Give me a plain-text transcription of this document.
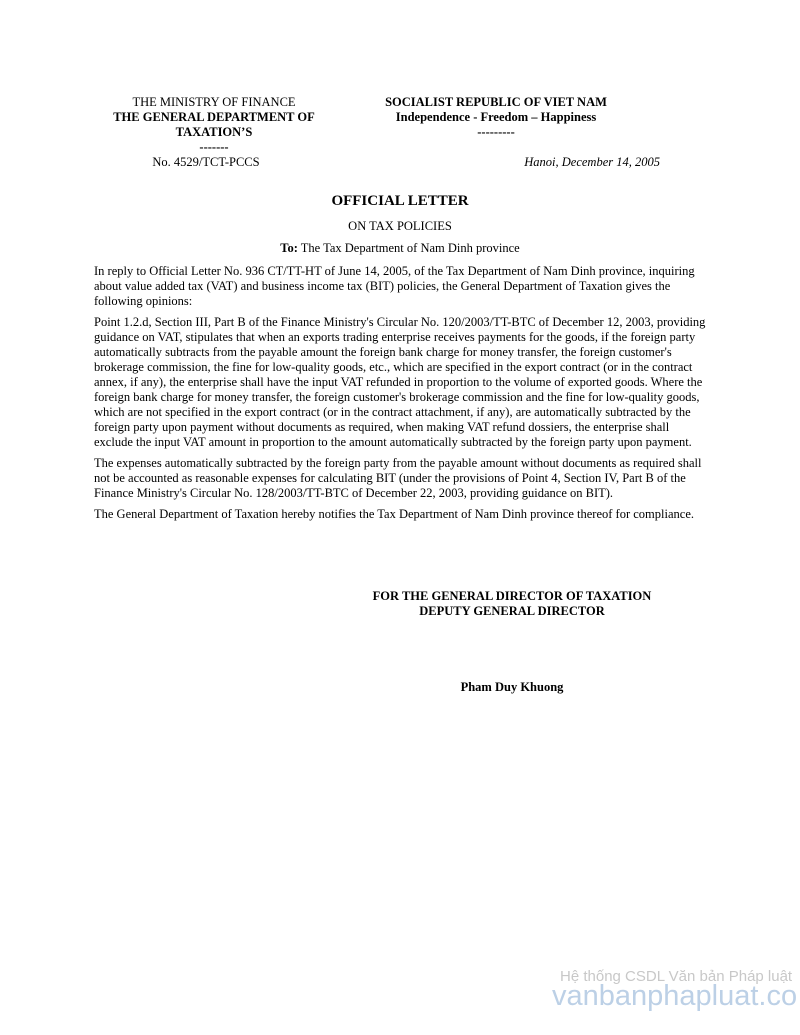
THE MINISTRY OF FINANCE
THE GENERAL DEPARTMENT OF
TAXATION’S
-------
SOCIALIST REPUBLIC OF VIET NAM
Independence - Freedom – Happiness
---------
No. 4529/TCT-PCCS	Hanoi, December 14, 2005
OFFICIAL LETTER
ON TAX POLICIES
To: The Tax Department of Nam Dinh province

In reply to Official Letter No. 936 CT/TT-HT of June 14, 2005, of the Tax Department of Nam Dinh province, inquiring about value added tax (VAT) and business income tax (BIT) policies, the General Department of Taxation gives the following opinions:

Point 1.2.d, Section III, Part B of the Finance Ministry's Circular No. 120/2003/TT-BTC of December 12, 2003, providing guidance on VAT, stipulates that when an exports trading enterprise receives payments for the goods, if the foreign party automatically subtracts from the payable amount the foreign bank charge for money transfer, the foreign customer's brokerage commission, the fine for low-quality goods, etc., which are specified in the export contract (or in the contract annex, if any), the enterprise shall have the input VAT refunded in proportion to the volume of exported goods. Where the foreign bank charge for money transfer, the foreign customer's brokerage commission and the fine for low-quality goods, which are not specified in the export contract (or in the contract attachment, if any), are automatically subtracted by the foreign party upon payment without documents as required, when making VAT refund dossiers, the enterprise shall exclude the input VAT amount in proportion to the amount automatically subtracted by the foreign party upon payment.

The expenses automatically subtracted by the foreign party from the payable amount without documents as required shall not be accounted as reasonable expenses for calculating BIT (under the provisions of Point 4, Section IV, Part B of the Finance Ministry's Circular No. 128/2003/TT-BTC of December 22, 2003, providing guidance on BIT).

The General Department of Taxation hereby notifies the Tax Department of Nam Dinh province thereof for compliance.

FOR THE GENERAL DIRECTOR OF TAXATION
DEPUTY GENERAL DIRECTOR
Pham Duy Khuong
Hệ thống CSDL Văn bản Pháp luật
vanbanphapluat.co
